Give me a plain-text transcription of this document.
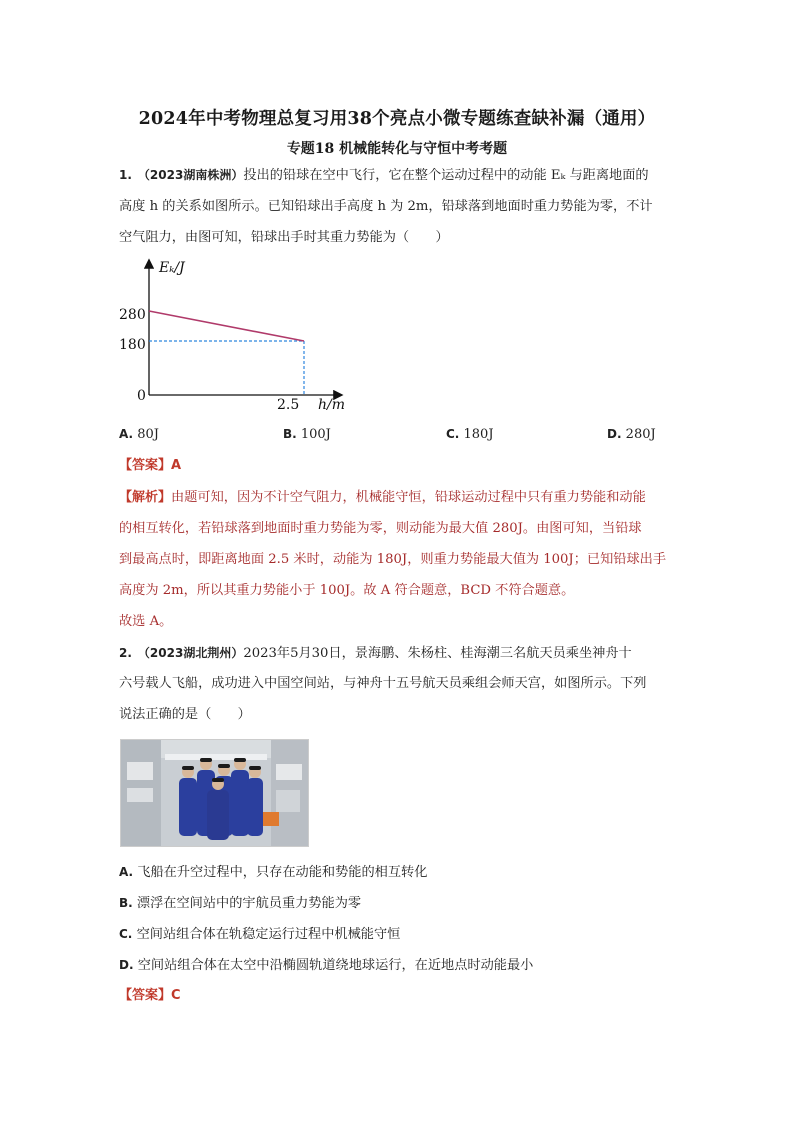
2024年中考物理总复习用38个亮点小微专题练查缺补漏（通用）
专题18 机械能转化与守恒中考考题
1. （2023湖南株洲）投出的铅球在空中飞行，它在整个运动过程中的动能 Eₖ 与距离地面的
高度 h 的关系如图所示。已知铅球出手高度 h 为 2m，铅球落到地面时重力势能为零，不计
空气阻力，由图可知，铅球出手时其重力势能为（　　）
Eₖ/J
h/m
0
280
180
2.5
A. 80J	B. 100J	C. 180J	D. 280J
【答案】A
【解析】由题可知，因为不计空气阻力，机械能守恒，铅球运动过程中只有重力势能和动能
的相互转化，若铅球落到地面时重力势能为零，则动能为最大值 280J。由图可知，当铅球
到最高点时，即距离地面 2.5 米时，动能为 180J，则重力势能最大值为 100J；已知铅球出手
高度为 2m，所以其重力势能小于 100J。故 A 符合题意，BCD 不符合题意。
故选 A。
2. （2023湖北荆州）2023年5月30日，景海鹏、朱杨柱、桂海潮三名航天员乘坐神舟十
六号载人飞船，成功进入中国空间站，与神舟十五号航天员乘组会师天宫，如图所示。下列
说法正确的是（　　）
A. 飞船在升空过程中，只存在动能和势能的相互转化
B. 漂浮在空间站中的宇航员重力势能为零
C. 空间站组合体在轨稳定运行过程中机械能守恒
D. 空间站组合体在太空中沿椭圆轨道绕地球运行，在近地点时动能最小
【答案】C
